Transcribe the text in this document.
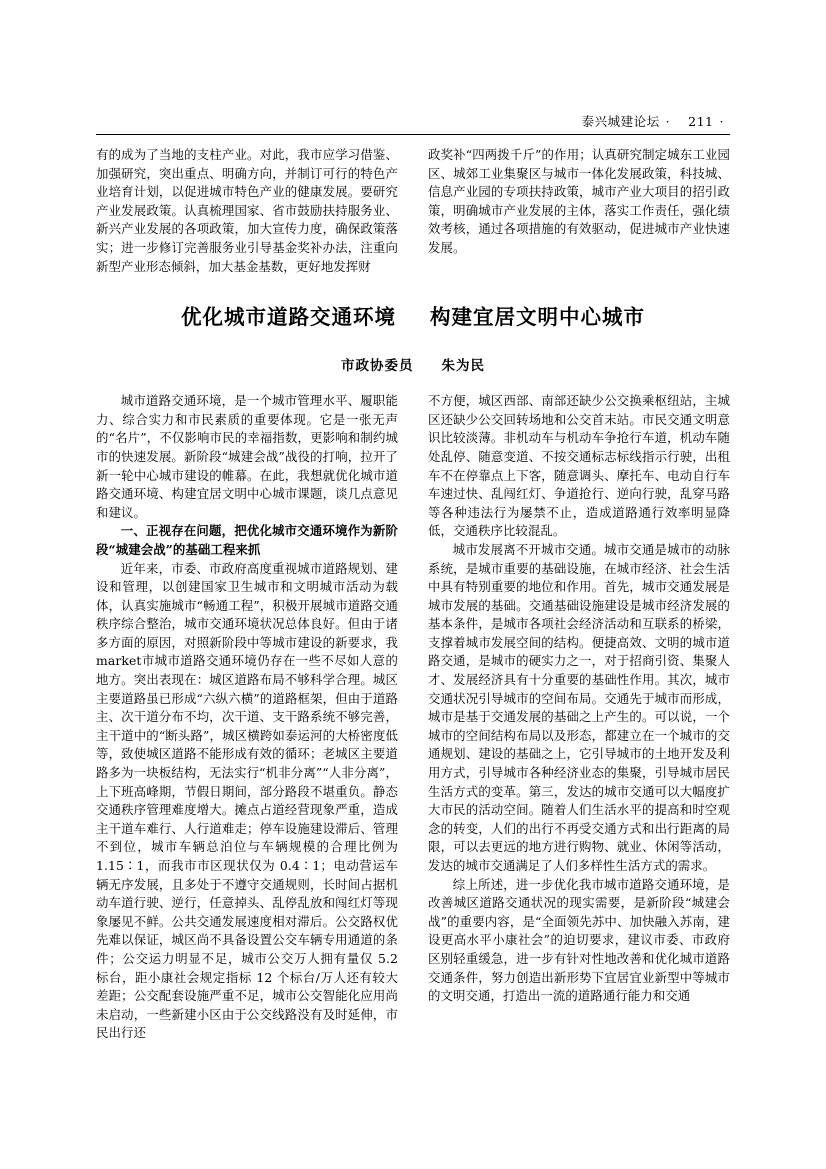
泰兴城建论坛 · 211 ·

有的成为了当地的支柱产业。对此，我市应学习借鉴、加强研究，突出重点、明确方向，并制订可行的特色产业培育计划，以促进城市特色产业的健康发展。要研究产业发展政策。认真梳理国家、省市鼓励扶持服务业、新兴产业发展的各项政策，加大宣传力度，确保政策落实；进一步修订完善服务业引导基金奖补办法，注重向新型产业形态倾斜，加大基金基数，更好地发挥财

政奖补“四两拨千斤”的作用；认真研究制定城东工业园区、城郊工业集聚区与城市一体化发展政策，科技城、信息产业园的专项扶持政策，城市产业大项目的招引政策，明确城市产业发展的主体，落实工作责任，强化绩效考核，通过各项措施的有效驱动，促进城市产业快速发展。

优化城市道路交通环境 构建宜居文明中心城市
市政协委员 朱为民

城市道路交通环境，是一个城市管理水平、履职能力、综合实力和市民素质的重要体现。它是一张无声的“名片”，不仅影响市民的幸福指数，更影响和制约城市的快速发展。新阶段“城建会战”战役的打响，拉开了新一轮中心城市建设的帷幕。在此，我想就优化城市道路交通环境、构建宜居文明中心城市课题，谈几点意见和建议。

一、正视存在问题，把优化城市交通环境作为新阶段“城建会战”的基础工程来抓

近年来，市委、市政府高度重视城市道路规划、建设和管理，以创建国家卫生城市和文明城市活动为载体，认真实施城市“畅通工程”，积极开展城市道路交通秩序综合整治，城市交通环境状况总体良好。但由于诸多方面的原因，对照新阶段中等城市建设的新要求，我market市城市道路交通环境仍存在一些不尽如人意的地方。突出表现在：城区道路布局不够科学合理。城区主要道路虽已形成“六纵六横”的道路框架，但由于道路主、次干道分布不均，次干道、支干路系统不够完善，主干道中的“断头路”，城区横跨如泰运河的大桥密度低等，致使城区道路不能形成有效的循环；老城区主要道路多为一块板结构，无法实行“机非分离”“人非分离”，上下班高峰期，节假日期间，部分路段不堪重负。静态交通秩序管理难度增大。摊点占道经营现象严重，造成主干道车难行、人行道难走；停车设施建设滞后、管理不到位，城市车辆总泊位与车辆规模的合理比例为 1.15∶1，而我市市区现状仅为 0.4∶1；电动营运车辆无序发展，且多处于不遵守交通规则，长时间占据机动车道行驶、逆行，任意掉头、乱停乱放和闯红灯等现象屡见不鲜。公共交通发展速度相对滞后。公交路权优先难以保证，城区尚不具备设置公交车辆专用通道的条件；公交运力明显不足，城市公交万人拥有量仅 5.2 标台，距小康社会规定指标 12 个标台/万人还有较大差距；公交配套设施严重不足，城市公交智能化应用尚未启动，一些新建小区由于公交线路没有及时延伸，市民出行还

不方便，城区西部、南部还缺少公交换乘枢纽站，主城区还缺少公交回转场地和公交首末站。市民交通文明意识比较淡薄。非机动车与机动车争抢行车道，机动车随处乱停、随意变道、不按交通标志标线指示行驶，出租车不在停靠点上下客，随意调头、摩托车、电动自行车车速过快、乱闯红灯、争道抢行、逆向行驶，乱穿马路等各种违法行为屡禁不止，造成道路通行效率明显降低，交通秩序比较混乱。

城市发展离不开城市交通。城市交通是城市的动脉系统，是城市重要的基础设施，在城市经济、社会生活中具有特别重要的地位和作用。首先，城市交通发展是城市发展的基础。交通基础设施建设是城市经济发展的基本条件，是城市各项社会经济活动和互联系的桥梁，支撑着城市发展空间的结构。便捷高效、文明的城市道路交通，是城市的硬实力之一，对于招商引资、集聚人才、发展经济具有十分重要的基础性作用。其次，城市交通状况引导城市的空间布局。交通先于城市而形成，城市是基于交通发展的基础之上产生的。可以说，一个城市的空间结构布局以及形态，都建立在一个城市的交通规划、建设的基础之上，它引导城市的土地开发及利用方式，引导城市各种经济业态的集聚，引导城市居民生活方式的变革。第三，发达的城市交通可以大幅度扩大市民的活动空间。随着人们生活水平的提高和时空观念的转变，人们的出行不再受交通方式和出行距离的局限，可以去更远的地方进行购物、就业、休闲等活动，发达的城市交通满足了人们多样性生活方式的需求。

综上所述，进一步优化我市城市道路交通环境，是改善城区道路交通状况的现实需要，是新阶段“城建会战”的重要内容，是“全面领先苏中、加快融入苏南，建设更高水平小康社会”的迫切要求，建议市委、市政府区别轻重缓急，进一步有针对性地改善和优化城市道路交通条件，努力创造出新形势下宜居宜业新型中等城市的文明交通，打造出一流的道路通行能力和交通
